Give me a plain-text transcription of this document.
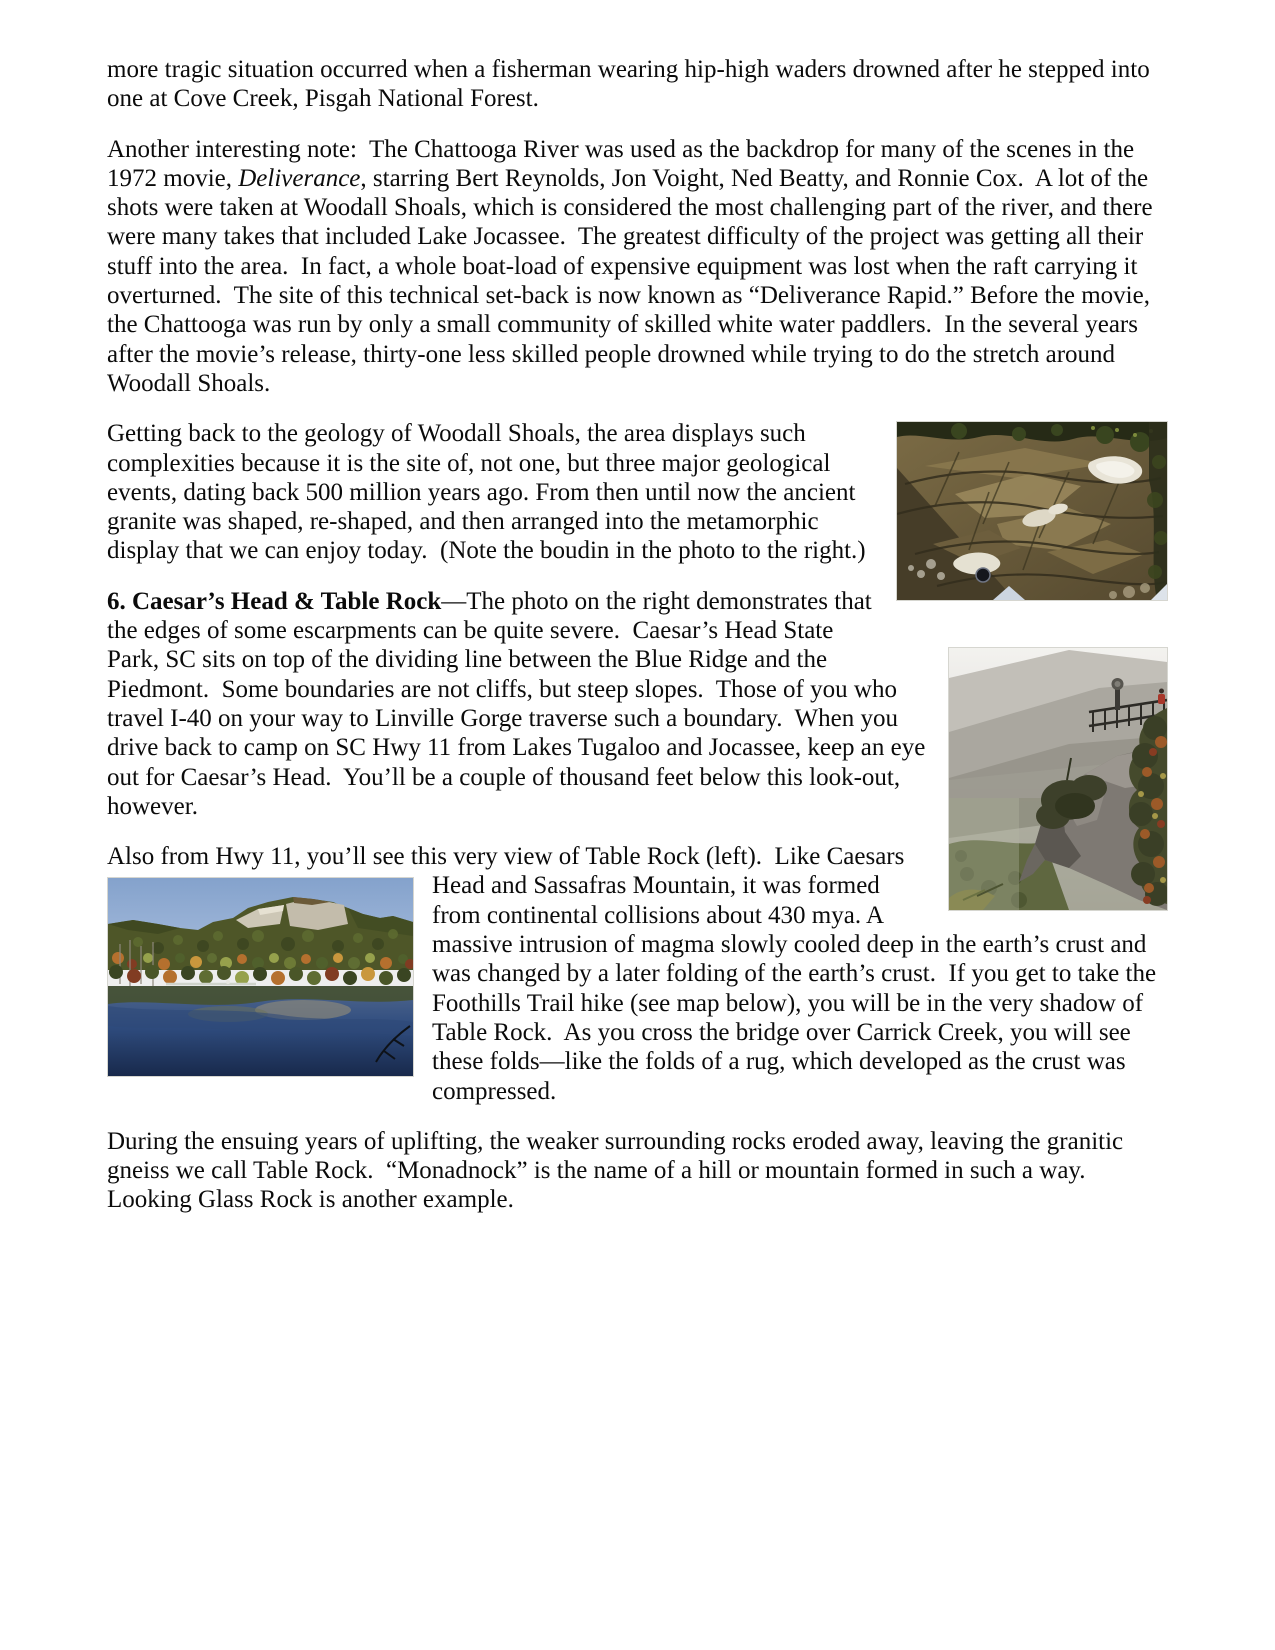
more tragic situation occurred when a fisherman wearing hip-high waders drowned after he stepped into one at Cove Creek, Pisgah National Forest.

Another interesting note:  The Chattooga River was used as the backdrop for many of the scenes in the 1972 movie, Deliverance, starring Bert Reynolds, Jon Voight, Ned Beatty, and Ronnie Cox.  A lot of the shots were taken at Woodall Shoals, which is considered the most challenging part of the river, and there were many takes that included Lake Jocassee.  The greatest difficulty of the project was getting all their stuff into the area.  In fact, a whole boat-load of expensive equipment was lost when the raft carrying it overturned.  The site of this technical set-back is now known as “Deliverance Rapid.” Before the movie, the Chattooga was run by only a small community of skilled white water paddlers.  In the several years after the movie’s release, thirty-one less skilled people drowned while trying to do the stretch around Woodall Shoals.

Getting back to the geology of Woodall Shoals, the area displays such complexities because it is the site of, not one, but three major geological events, dating back 500 million years ago. From then until now the ancient granite was shaped, re-shaped, and then arranged into the metamorphic display that we can enjoy today.  (Note the boudin in the photo to the right.)

6. Caesar’s Head & Table Rock—The photo on the right demonstrates that the edges of some escarpments can be quite severe.  Caesar’s Head State Park, SC sits on top of the dividing line between the Blue Ridge and the Piedmont.  Some boundaries are not cliffs, but steep slopes.  Those of you who travel I-40 on your way to Linville Gorge traverse such a boundary.  When you drive back to camp on SC Hwy 11 from Lakes Tugaloo and Jocassee, keep an eye out for Caesar’s Head.  You’ll be a couple of thousand feet below this look-out, however.

Also from Hwy 11, you’ll see this very view of Table Rock (left).  Like Caesars Head
and Sassafras Mountain, it was formed from continental collisions about 430 mya. A massive intrusion of magma slowly cooled deep in the earth’s crust and was changed by a later folding of the earth’s crust.  If you get to take the Foothills Trail hike (see map below), you will be in the very shadow of Table Rock.  As you cross the bridge over Carrick Creek, you will see these folds—like the folds of a rug, which developed as the crust was compressed.

During the ensuing years of uplifting, the weaker surrounding rocks eroded away, leaving the granitic gneiss we call Table Rock.  “Monadnock” is the name of a hill or mountain formed in such a way. Looking Glass Rock is another example.
